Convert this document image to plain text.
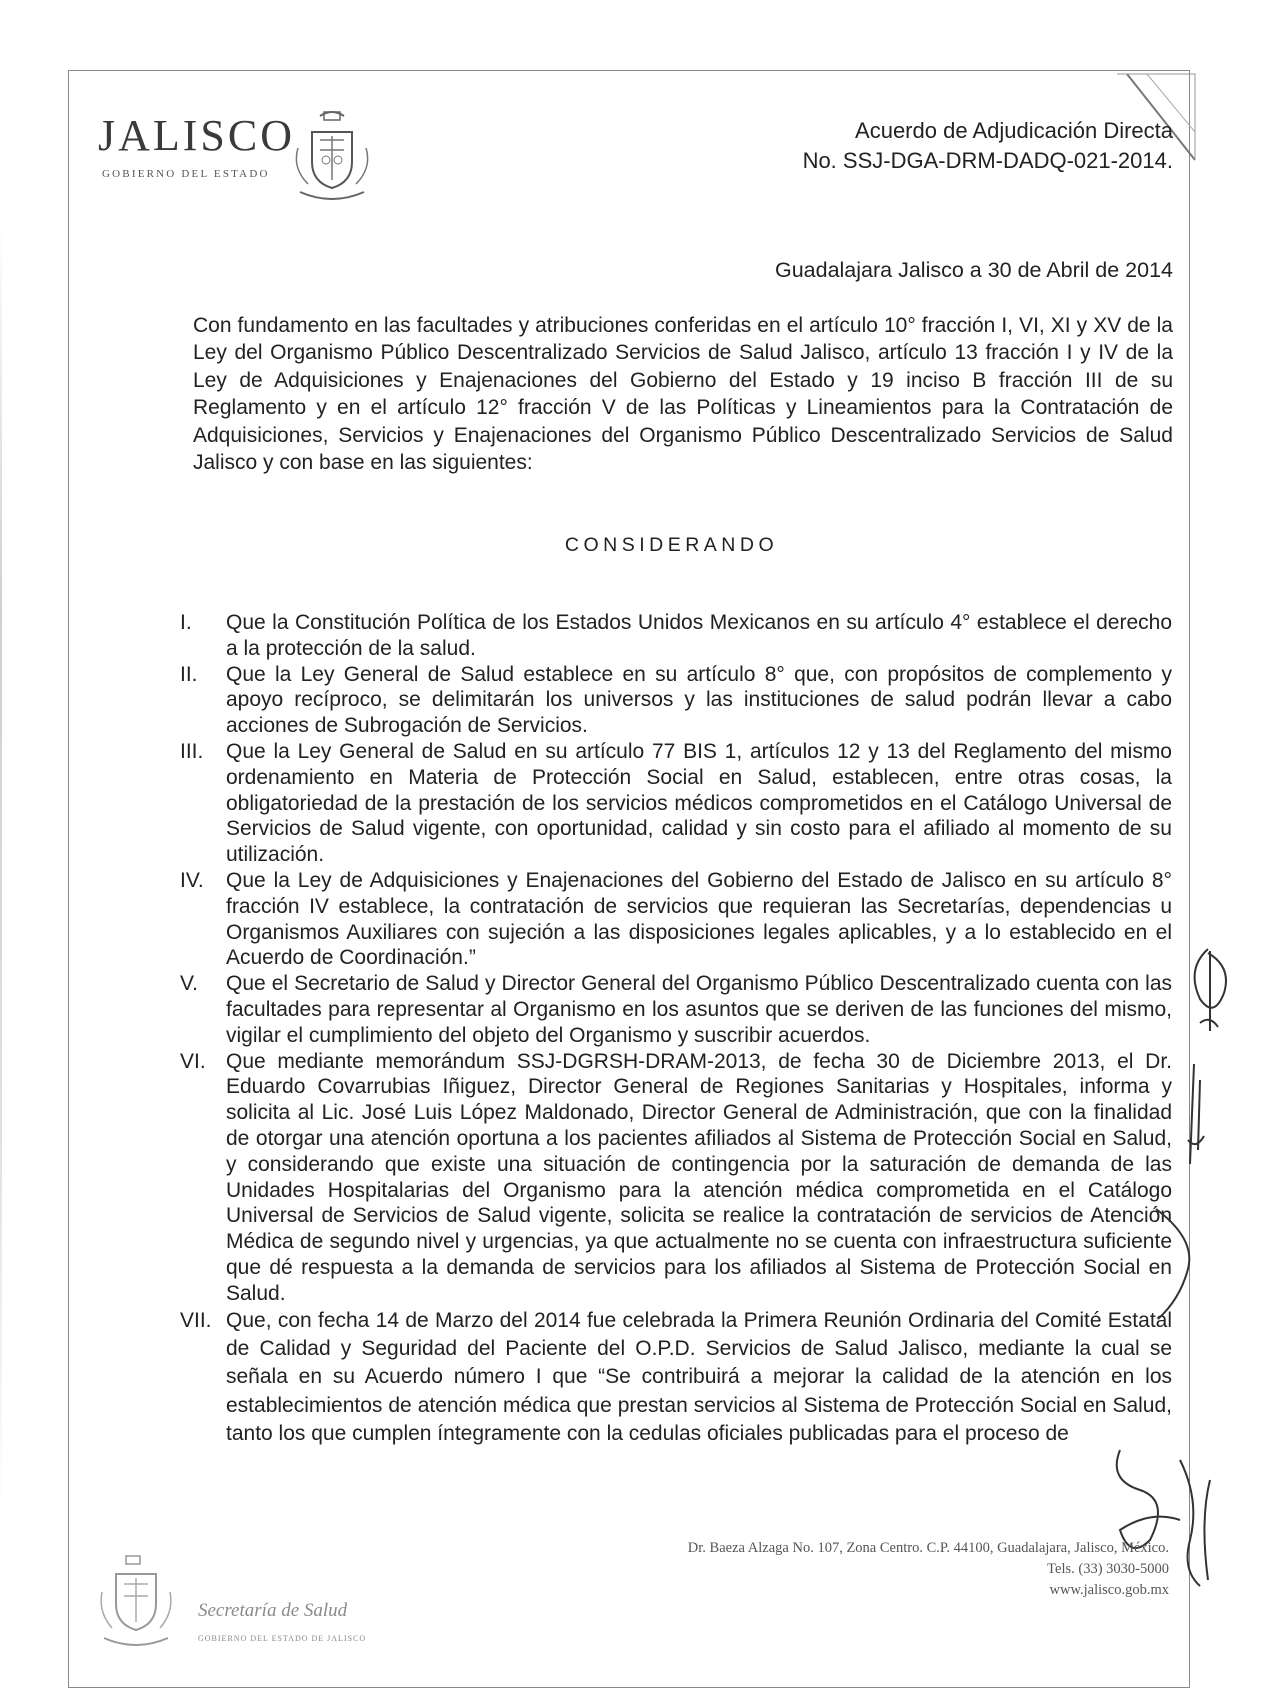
JALISCO
GOBIERNO DEL ESTADO
Acuerdo de Adjudicación Directa
No. SSJ-DGA-DRM-DADQ-021-2014.
Guadalajara Jalisco a 30 de Abril de 2014
Con fundamento en las facultades y atribuciones conferidas en el artículo 10° fracción I, VI, XI y XV de la Ley del Organismo Público Descentralizado Servicios de Salud Jalisco, artículo 13 fracción I y IV de la Ley de Adquisiciones y Enajenaciones del Gobierno del Estado y 19 inciso B fracción III de su Reglamento y en el artículo 12° fracción V de las Políticas y Lineamientos para la Contratación de Adquisiciones, Servicios y Enajenaciones del Organismo Público Descentralizado Servicios de Salud Jalisco y con base en las siguientes:
CONSIDERANDO
I.	Que la Constitución Política de los Estados Unidos Mexicanos en su artículo 4° establece el derecho a la protección de la salud.
II.	Que la Ley General de Salud establece en su artículo 8° que, con propósitos de complemento y apoyo recíproco, se delimitarán los universos y las instituciones de salud podrán llevar a cabo acciones de Subrogación de Servicios.
III.	Que la Ley General de Salud en su artículo 77 BIS 1, artículos 12 y 13 del Reglamento del mismo ordenamiento en Materia de Protección Social en Salud, establecen, entre otras cosas, la obligatoriedad de la prestación de los servicios médicos comprometidos en el Catálogo Universal de Servicios de Salud vigente, con oportunidad, calidad y sin costo para el afiliado al momento de su utilización.
IV.	Que la Ley de Adquisiciones y Enajenaciones del Gobierno del Estado de Jalisco en su artículo 8° fracción IV establece, la contratación de servicios que requieran las Secretarías, dependencias u Organismos Auxiliares con sujeción a las disposiciones legales aplicables, y a lo establecido en el Acuerdo de Coordinación.”
V.	Que el Secretario de Salud y Director General del Organismo Público Descentralizado cuenta con las facultades para representar al Organismo en los asuntos que se deriven de las funciones del mismo, vigilar el cumplimiento del objeto del Organismo y suscribir acuerdos.
VI. Que mediante memorándum SSJ-DGRSH-DRAM-2013, de fecha 30 de Diciembre 2013, el Dr. Eduardo Covarrubias Iñiguez, Director General de Regiones Sanitarias y Hospitales, informa y solicita al Lic. José Luis López Maldonado, Director General de Administración, que con la finalidad de otorgar una atención oportuna a los pacientes afiliados al Sistema de Protección Social en Salud, y considerando que existe una situación de contingencia por la saturación de demanda de las Unidades Hospitalarias del Organismo para la atención médica comprometida en el Catálogo Universal de Servicios de Salud vigente, solicita se realice la contratación de servicios de Atención Médica de segundo nivel y urgencias, ya que actualmente no se cuenta con infraestructura suficiente que dé respuesta a la demanda de servicios para los afiliados al Sistema de Protección Social en Salud.
VII. Que, con fecha 14 de Marzo del 2014 fue celebrada la Primera Reunión Ordinaria del Comité Estatal de Calidad y Seguridad del Paciente del O.P.D. Servicios de Salud Jalisco, mediante la cual se señala en su Acuerdo número I que “Se contribuirá a mejorar la calidad de la atención en los establecimientos de atención médica que prestan servicios al Sistema de Protección Social en Salud, tanto los que cumplen íntegramente con la cedulas oficiales publicadas para el proceso de
Secretaría de Salud
GOBIERNO DEL ESTADO DE JALISCO
Dr. Baeza Alzaga No. 107, Zona Centro. C.P. 44100, Guadalajara, Jalisco, México.
Tels. (33) 3030-5000
www.jalisco.gob.mx
